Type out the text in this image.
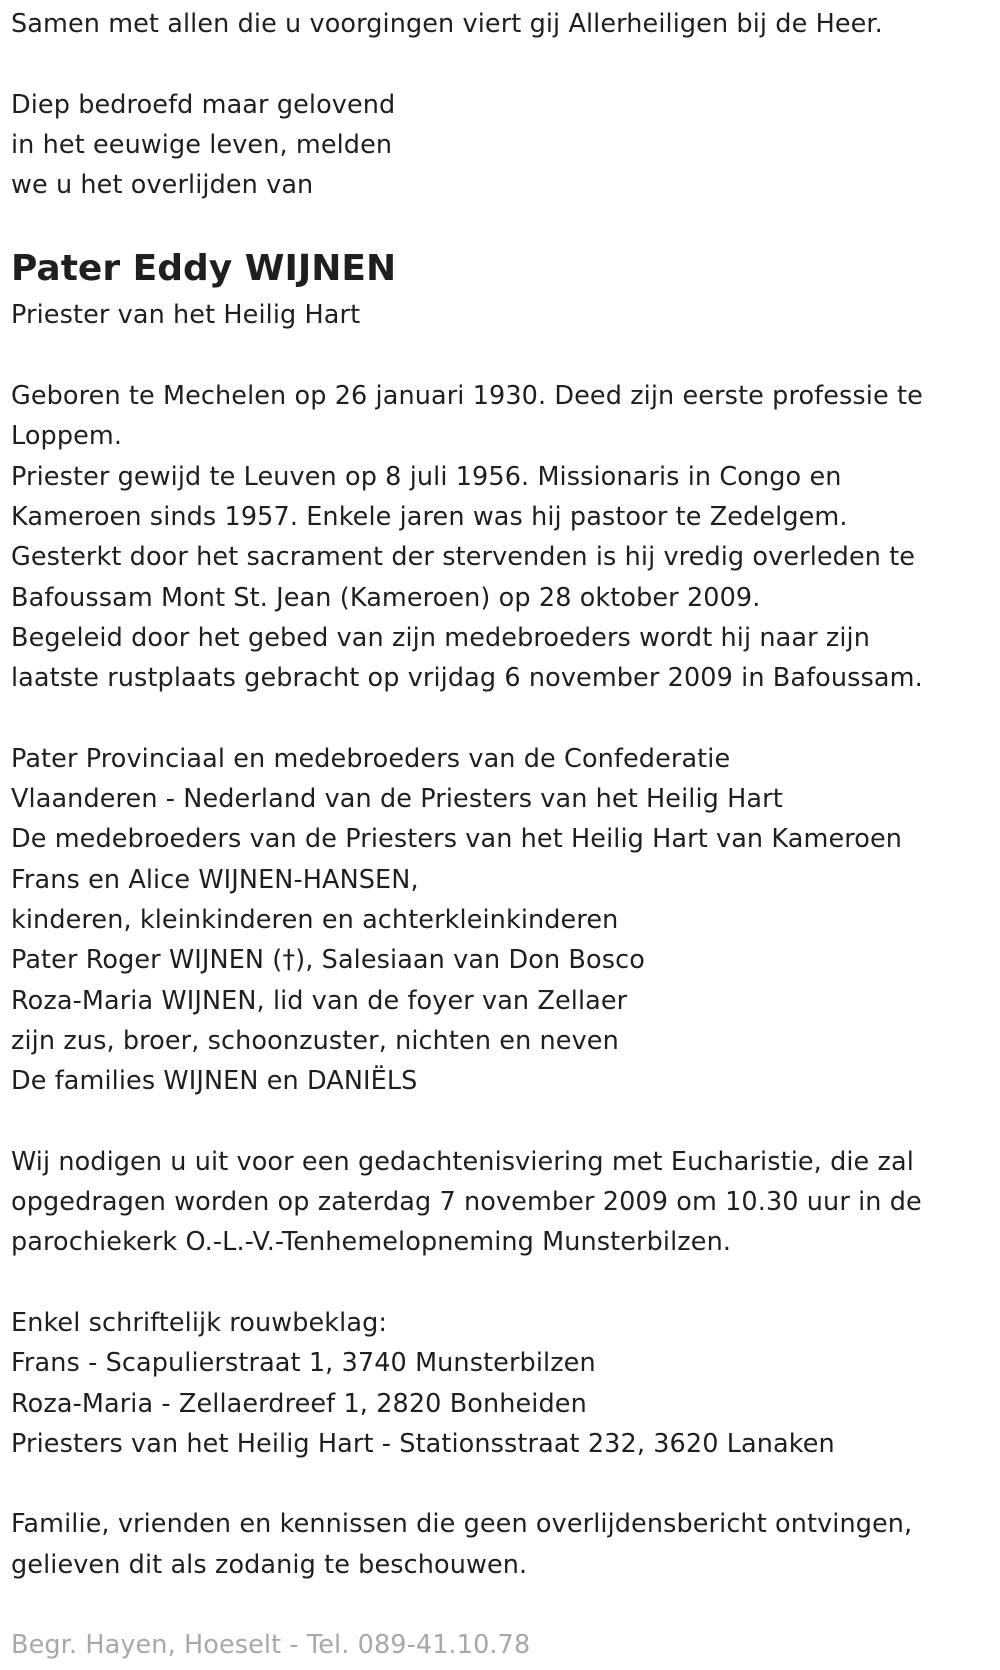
Samen met allen die u voorgingen viert gij Allerheiligen bij de Heer.
Diep bedroefd maar gelovend
in het eeuwige leven, melden
we u het overlijden van
Pater Eddy WIJNEN
Priester van het Heilig Hart
Geboren te Mechelen op 26 januari 1930. Deed zijn eerste professie te
Loppem.
Priester gewijd te Leuven op 8 juli 1956. Missionaris in Congo en
Kameroen sinds 1957. Enkele jaren was hij pastoor te Zedelgem.
Gesterkt door het sacrament der stervenden is hij vredig overleden te
Bafoussam Mont St. Jean (Kameroen) op 28 oktober 2009.
Begeleid door het gebed van zijn medebroeders wordt hij naar zijn
laatste rustplaats gebracht op vrijdag 6 november 2009 in Bafoussam.
Pater Provinciaal en medebroeders van de Confederatie
Vlaanderen - Nederland van de Priesters van het Heilig Hart
De medebroeders van de Priesters van het Heilig Hart van Kameroen
Frans en Alice WIJNEN-HANSEN,
kinderen, kleinkinderen en achterkleinkinderen
Pater Roger WIJNEN (†), Salesiaan van Don Bosco
Roza-Maria WIJNEN, lid van de foyer van Zellaer
zijn zus, broer, schoonzuster, nichten en neven
De families WIJNEN en DANIËLS
Wij nodigen u uit voor een gedachtenisviering met Eucharistie, die zal
opgedragen worden op zaterdag 7 november 2009 om 10.30 uur in de
parochiekerk O.-L.-V.-Tenhemelopneming Munsterbilzen.
Enkel schriftelijk rouwbeklag:
Frans - Scapulierstraat 1, 3740 Munsterbilzen
Roza-Maria - Zellaerdreef 1, 2820 Bonheiden
Priesters van het Heilig Hart - Stationsstraat 232, 3620 Lanaken
Familie, vrienden en kennissen die geen overlijdensbericht ontvingen,
gelieven dit als zodanig te beschouwen.
Begr. Hayen, Hoeselt - Tel. 089-41.10.78
